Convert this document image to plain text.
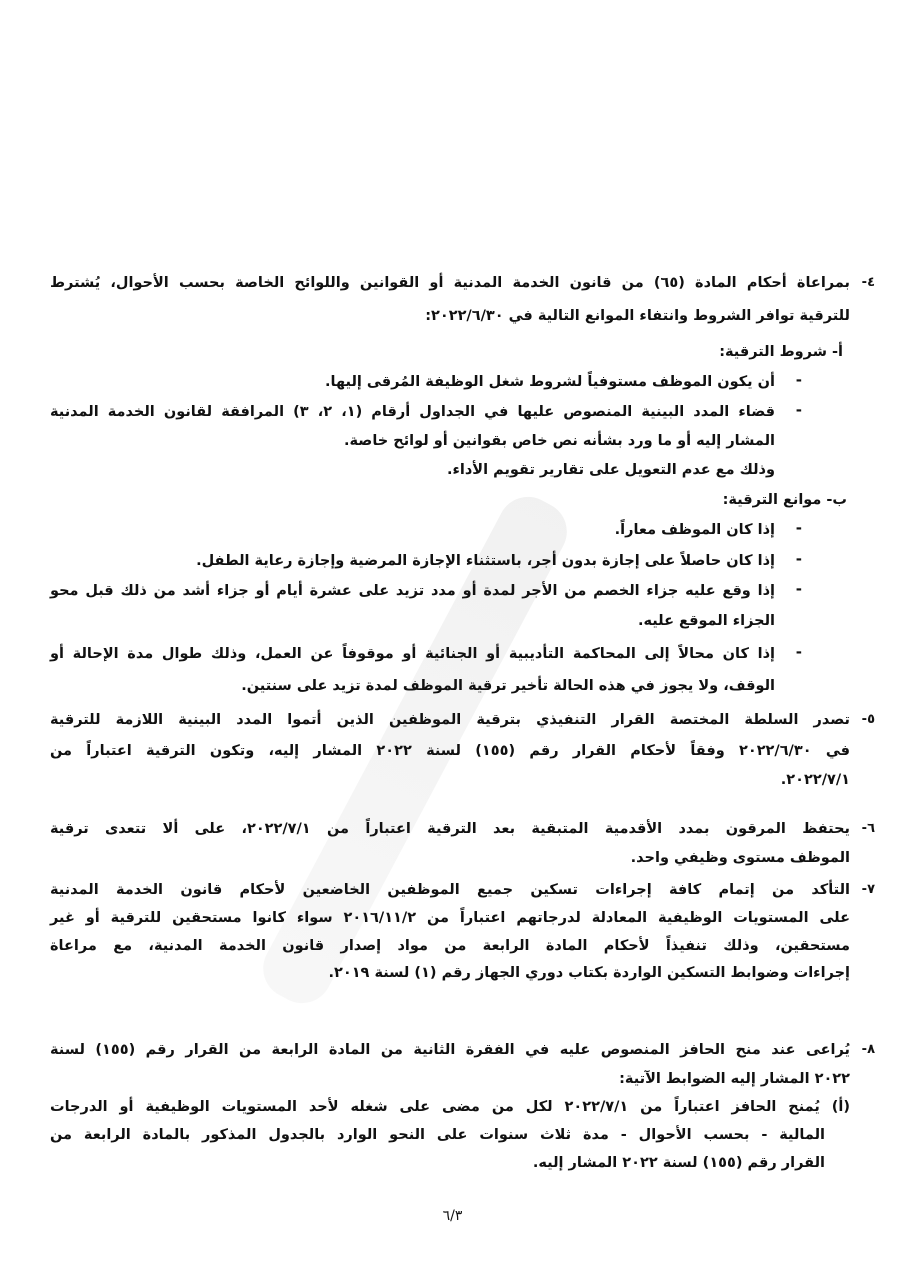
٤-
بمراعاة أحكام المادة (٦٥) من قانون الخدمة المدنية أو القوانين واللوائح الخاصة بحسب الأحوال، يُشترط
للترقية توافر الشروط وانتفاء الموانع التالية في ٢٠٢٢/٦/٣٠:
أ- شروط الترقية:
-
أن يكون الموظف مستوفياً لشروط شغل الوظيفة المُرقى إليها.
-
قضاء المدد البينية المنصوص عليها في الجداول أرقام (١، ٢، ٣) المرافقة لقانون الخدمة المدنية
المشار إليه أو ما ورد بشأنه نص خاص بقوانين أو لوائح خاصة.
وذلك مع عدم التعويل على تقارير تقويم الأداء.
ب- موانع الترقية:
-
إذا كان الموظف معاراً.
-
إذا كان حاصلاً على إجازة بدون أجر، باستثناء الإجازة المرضية وإجازة رعاية الطفل.
-
إذا وقع عليه جزاء الخصم من الأجر لمدة أو مدد تزيد على عشرة أيام أو جزاء أشد من ذلك قبل محو
الجزاء الموقع عليه.
-
إذا كان محالاً إلى المحاكمة التأديبية أو الجنائية أو موقوفاً عن العمل، وذلك طوال مدة الإحالة أو
الوقف، ولا يجوز في هذه الحالة تأخير ترقية الموظف لمدة تزيد على سنتين.
٥-
تصدر السلطة المختصة القرار التنفيذي بترقية الموظفين الذين أتموا المدد البينية اللازمة للترقية
في ٢٠٢٢/٦/٣٠ وفقاً لأحكام القرار رقم (١٥٥) لسنة ٢٠٢٢ المشار إليه، وتكون الترقية اعتباراً من
٢٠٢٢/٧/١.
٦-
يحتفظ المرقون بمدد الأقدمية المتبقية بعد الترقية اعتباراً من ٢٠٢٢/٧/١، على ألا تتعدى ترقية
الموظف مستوى وظيفي واحد.
٧-
التأكد من إتمام كافة إجراءات تسكين جميع الموظفين الخاضعين لأحكام قانون الخدمة المدنية
على المستويات الوظيفية المعادلة لدرجاتهم اعتباراً من ٢٠١٦/١١/٢ سواء كانوا مستحقين للترقية أو غير
مستحقين، وذلك تنفيذاً لأحكام المادة الرابعة من مواد إصدار قانون الخدمة المدنية، مع مراعاة
إجراءات وضوابط التسكين الواردة بكتاب دوري الجهاز رقم (١) لسنة ٢٠١٩.
٨-
يُراعى عند منح الحافز المنصوص عليه في الفقرة الثانية من المادة الرابعة من القرار رقم (١٥٥) لسنة
٢٠٢٢ المشار إليه الضوابط الآتية:
(أ) يُمنح الحافز اعتباراً من ٢٠٢٢/٧/١ لكل من مضى على شغله لأحد المستويات الوظيفية أو الدرجات
المالية - بحسب الأحوال - مدة ثلاث سنوات على النحو الوارد بالجدول المذكور بالمادة الرابعة من
القرار رقم (١٥٥) لسنة ٢٠٢٢ المشار إليه.
٦/٣
